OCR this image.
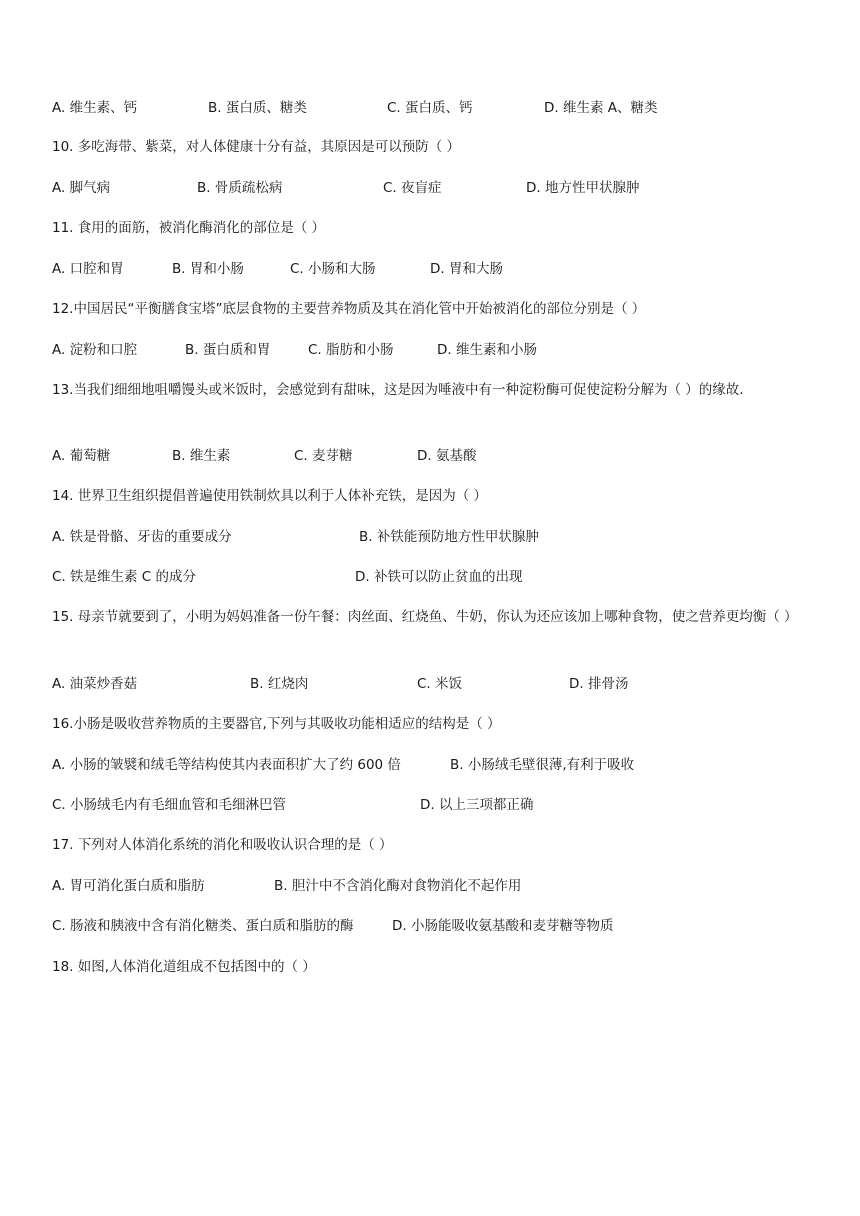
A. 维生素、钙	B. 蛋白质、糖类	C. 蛋白质、钙	D. 维生素 A、糖类
10. 多吃海带、紫菜，对人体健康十分有益，其原因是可以预防（ ）
A. 脚气病	B. 骨质疏松病	C. 夜盲症	D. 地方性甲状腺肿
11. 食用的面筋，被消化酶消化的部位是（ ）
A. 口腔和胃	B. 胃和小肠	C. 小肠和大肠	D. 胃和大肠
12.中国居民“平衡膳食宝塔”底层食物的主要营养物质及其在消化管中开始被消化的部位分别是（ ）
A. 淀粉和口腔	B. 蛋白质和胃	C. 脂肪和小肠	D. 维生素和小肠
13.当我们细细地咀嚼馒头或米饭时，会感觉到有甜味，这是因为唾液中有一种淀粉酶可促使淀粉分解为（ ）的缘故.
A. 葡萄糖	B. 维生素	C. 麦芽糖	D. 氨基酸
14. 世界卫生组织提倡普遍使用铁制炊具以利于人体补充铁，是因为（ ）
A. 铁是骨骼、牙齿的重要成分	B. 补铁能预防地方性甲状腺肿
C. 铁是维生素 C 的成分	D. 补铁可以防止贫血的出现
15. 母亲节就要到了，小明为妈妈准备一份午餐：肉丝面、红烧鱼、牛奶，你认为还应该加上哪种食物，使之营养更均衡（ ）
A. 油菜炒香菇	B. 红烧肉	C. 米饭	D. 排骨汤
16.小肠是吸收营养物质的主要器官,下列与其吸收功能相适应的结构是（ ）
A. 小肠的皱襞和绒毛等结构使其内表面积扩大了约 600 倍	B. 小肠绒毛壁很薄,有利于吸收
C. 小肠绒毛内有毛细血管和毛细淋巴管	D. 以上三项都正确
17. 下列对人体消化系统的消化和吸收认识合理的是（ ）
A. 胃可消化蛋白质和脂肪	B. 胆汁中不含消化酶对食物消化不起作用
C. 肠液和胰液中含有消化糖类、蛋白质和脂肪的酶	D. 小肠能吸收氨基酸和麦芽糖等物质
18. 如图,人体消化道组成不包括图中的（ ）
